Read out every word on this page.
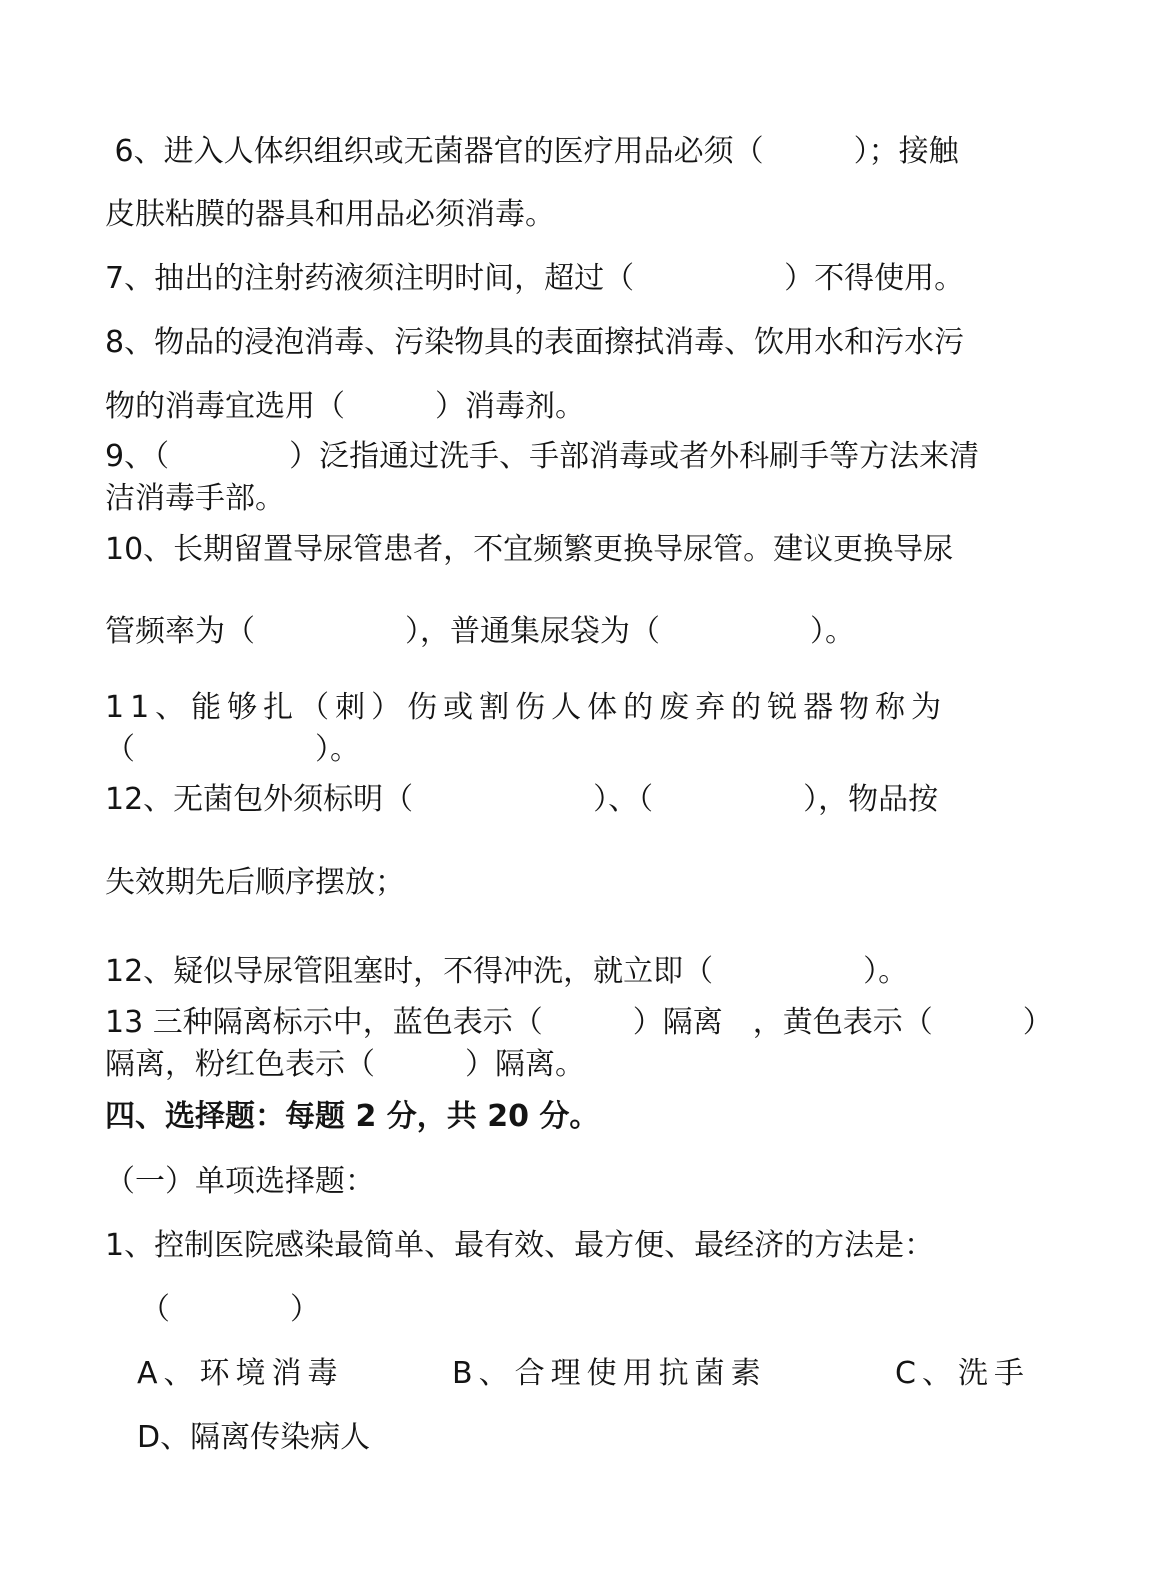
6、进入人体织组织或无菌器官的医疗用品必须（　　　）；接触
皮肤粘膜的器具和用品必须消毒。
7、抽出的注射药液须注明时间，超过（　　　　　）不得使用。
8、物品的浸泡消毒、污染物具的表面擦拭消毒、饮用水和污水污
物的消毒宜选用（　　　）消毒剂。
9、（　　　　）泛指通过洗手、手部消毒或者外科刷手等方法来清
洁消毒手部。
10、长期留置导尿管患者，不宜频繁更换导尿管。建议更换导尿
管频率为（　　　　　），普通集尿袋为（　　　　　）。
11、能够扎（刺）伤或割伤人体的废弃的锐器物称为
（　　　　　　）。
12、无菌包外须标明（　　　　　　）、（　　　　　），物品按
失效期先后顺序摆放；
12、疑似导尿管阻塞时，不得冲洗，就立即（　　　　　）。
13 三种隔离标示中，蓝色表示（　　　）隔离　，黄色表示（　　　）
隔离，粉红色表示（　　　）隔离。
四、选择题：每题 2 分，共 20 分。
（一）单项选择题：
1、控制医院感染最简单、最有效、最方便、最经济的方法是：
（　　　　）
A、环境消毒	B、合理使用抗菌素	C、洗手
D、隔离传染病人
